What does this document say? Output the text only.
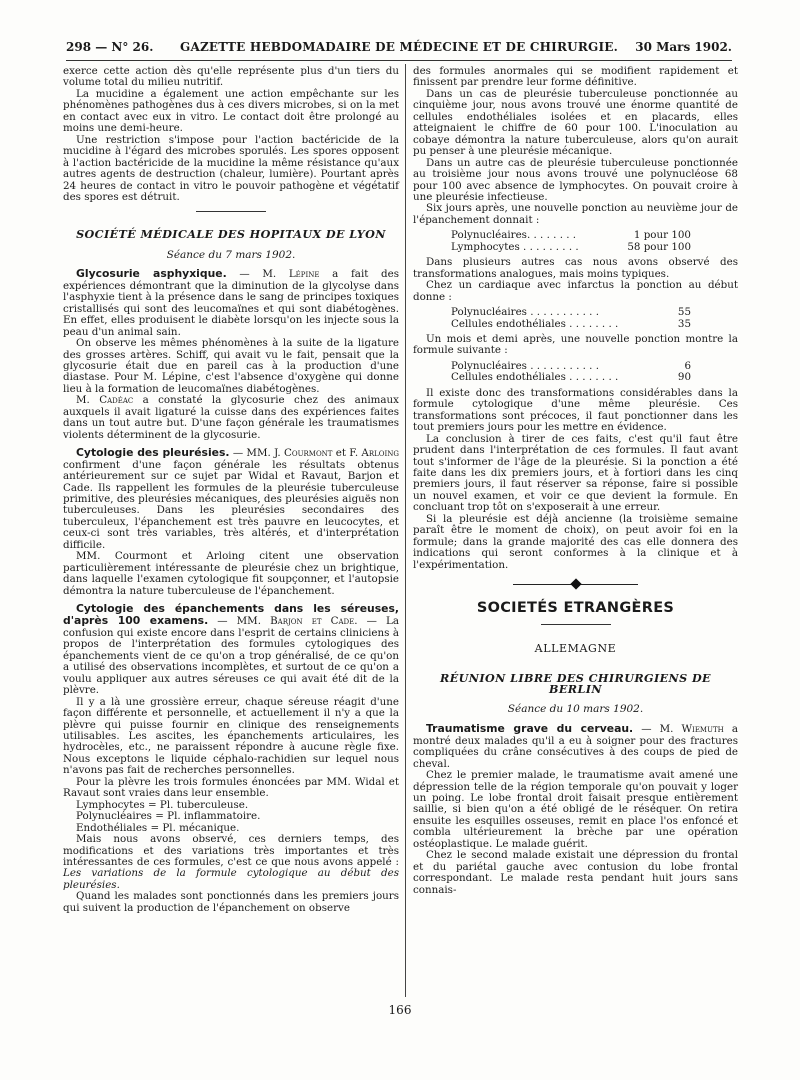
298 — N° 26.	GAZETTE HEBDOMADAIRE DE MÉDECINE ET DE CHIRURGIE.	30 Mars 1902.

exerce cette action dès qu'elle représente plus d'un tiers du volume total du milieu nutritif.

La mucidine a également une action empêchante sur les phénomènes pathogènes dus à ces divers microbes, si on la met en contact avec eux in vitro. Le contact doit être prolongé au moins une demi-heure.

Une restriction s'impose pour l'action bactéricide de la mucidine à l'égard des microbes sporulés. Les spores opposent à l'action bactéricide de la mucidine la même résistance qu'aux autres agents de destruction (chaleur, lumière). Pourtant après 24 heures de contact in vitro le pouvoir pathogène et végétatif des spores est détruit.

SOCIÉTÉ MÉDICALE DES HOPITAUX DE LYON
Séance du 7 mars 1902.

Glycosurie asphyxique. — M. Lépine a fait des expériences démontrant que la diminution de la glycolyse dans l'asphyxie tient à la présence dans le sang de principes toxiques cristallisés qui sont des leucomaïnes et qui sont diabétogènes. En effet, elles produisent le diabète lorsqu'on les injecte sous la peau d'un animal sain.

On observe les mêmes phénomènes à la suite de la ligature des grosses artères. Schiff, qui avait vu le fait, pensait que la glycosurie était due en pareil cas à la production d'une diastase. Pour M. Lépine, c'est l'absence d'oxygène qui donne lieu à la formation de leucomaïnes diabétogènes.

M. Cadéac a constaté la glycosurie chez des animaux auxquels il avait ligaturé la cuisse dans des expériences faites dans un tout autre but. D'une façon générale les traumatismes violents déterminent de la glycosurie.

Cytologie des pleurésies. — MM. J. Courmont et F. Arloing confirment d'une façon générale les résultats obtenus antérieurement sur ce sujet par Widal et Ravaut, Barjon et Cade. Ils rappellent les formules de la pleurésie tuberculeuse primitive, des pleurésies mécaniques, des pleurésies aiguës non tuberculeuses. Dans les pleurésies secondaires des tuberculeux, l'épanchement est très pauvre en leucocytes, et ceux-ci sont très variables, très altérés, et d'interprétation difficile.

MM. Courmont et Arloing citent une observation particulièrement intéressante de pleurésie chez un brightique, dans laquelle l'examen cytologique fit soupçonner, et l'autopsie démontra la nature tuberculeuse de l'épanchement.

Cytologie des épanchements dans les séreuses, d'après 100 examens. — MM. Barjon et Cade. — La confusion qui existe encore dans l'esprit de certains cliniciens à propos de l'interprétation des formules cytologiques des épanchements vient de ce qu'on a trop généralisé, de ce qu'on a utilisé des observations incomplètes, et surtout de ce qu'on a voulu appliquer aux autres séreuses ce qui avait été dit de la plèvre.

Il y a là une grossière erreur, chaque séreuse réagit d'une façon différente et personnelle, et actuellement il n'y a que la plèvre qui puisse fournir en clinique des renseignements utilisables. Les ascites, les épanchements articulaires, les hydrocèles, etc., ne paraissent répondre à aucune règle fixe. Nous exceptons le liquide céphalo-rachidien sur lequel nous n'avons pas fait de recherches personnelles.

Pour la plèvre les trois formules énoncées par MM. Widal et Ravaut sont vraies dans leur ensemble.

Lymphocytes = Pl. tuberculeuse.

Polynucléaires = Pl. inflammatoire.

Endothéliales = Pl. mécanique.

Mais nous avons observé, ces derniers temps, des modifications et des variations très importantes et très intéressantes de ces formules, c'est ce que nous avons appelé : Les variations de la formule cytologique au début des pleurésies.

Quand les malades sont ponctionnés dans les premiers jours qui suivent la production de l'épanchement on observe

des formules anormales qui se modifient rapidement et finissent par prendre leur forme définitive.

Dans un cas de pleurésie tuberculeuse ponctionnée au cinquième jour, nous avons trouvé une énorme quantité de cellules endothéliales isolées et en placards, elles atteignaient le chiffre de 60 pour 100. L'inoculation au cobaye démontra la nature tuberculeuse, alors qu'on aurait pu penser à une pleurésie mécanique.

Dans un autre cas de pleurésie tuberculeuse ponctionnée au troisième jour nous avons trouvé une polynucléose 68 pour 100 avec absence de lymphocytes. On pouvait croire à une pleurésie infectieuse.

Six jours après, une nouvelle ponction au neuvième jour de l'épanchement donnait :

Polynucléaires. . . . . . . .	1 pour 100
Lymphocytes . . . . . . . . .	58 pour 100

Dans plusieurs autres cas nous avons observé des transformations analogues, mais moins typiques.

Chez un cardiaque avec infarctus la ponction au début donne :

Polynucléaires . . . . . . . . . . .	55
Cellules endothéliales . . . . . . . .	35

Un mois et demi après, une nouvelle ponction montre la formule suivante :

Polynucléaires . . . . . . . . . . .	6
Cellules endothéliales . . . . . . . .	90

Il existe donc des transformations considérables dans la formule cytologique d'une même pleurésie. Ces transformations sont précoces, il faut ponctionner dans les tout premiers jours pour les mettre en évidence.

La conclusion à tirer de ces faits, c'est qu'il faut être prudent dans l'interprétation de ces formules. Il faut avant tout s'informer de l'âge de la pleurésie. Si la ponction a été faite dans les dix premiers jours, et à fortiori dans les cinq premiers jours, il faut réserver sa réponse, faire si possible un nouvel examen, et voir ce que devient la formule. En concluant trop tôt on s'exposerait à une erreur.

Si la pleurésie est déjà ancienne (la troisième semaine paraît être le moment de choix), on peut avoir foi en la formule; dans la grande majorité des cas elle donnera des indications qui seront conformes à la clinique et à l'expérimentation.

SOCIETÉS ETRANGÈRES
ALLEMAGNE
RÉUNION LIBRE DES CHIRURGIENS DE BERLIN
Séance du 10 mars 1902.

Traumatisme grave du cerveau. — M. Wiemuth a montré deux malades qu'il a eu à soigner pour des fractures compliquées du crâne consécutives à des coups de pied de cheval.

Chez le premier malade, le traumatisme avait amené une dépression telle de la région temporale qu'on pouvait y loger un poing. Le lobe frontal droit faisait presque entièrement saillie, si bien qu'on a été obligé de le réséquer. On retira ensuite les esquilles osseuses, remit en place l'os enfoncé et combla ultérieurement la brèche par une opération ostéoplastique. Le malade guérit.

Chez le second malade existait une dépression du frontal et du pariétal gauche avec contusion du lobe frontal correspondant. Le malade resta pendant huit jours sans connais-

166
